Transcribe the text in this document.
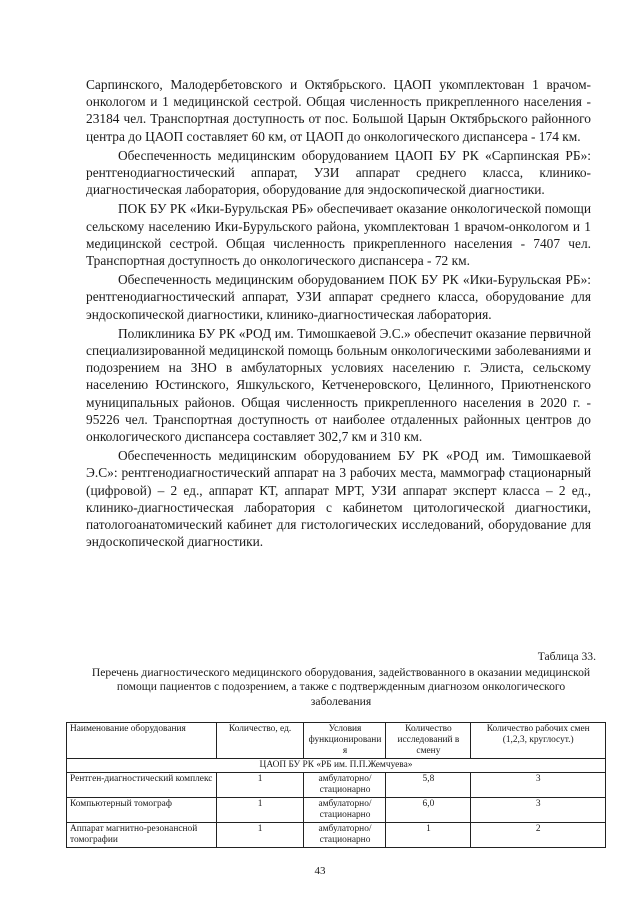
Сарпинского, Малодербетовского и Октябрьского. ЦАОП укомплектован 1 врачом-онкологом и 1 медицинской сестрой. Общая численность прикрепленного населения - 23184 чел. Транспортная доступность от пос. Большой Царын Октябрьского районного центра до ЦАОП составляет 60 км, от ЦАОП до онкологического диспансера - 174 км.

Обеспеченность медицинским оборудованием ЦАОП БУ РК «Сарпинская РБ»: рентгенодиагностический аппарат, УЗИ аппарат среднего класса, клинико-диагностическая лаборатория, оборудование для эндоскопической диагностики.

ПОК БУ РК «Ики-Бурульская РБ» обеспечивает оказание онкологической помощи сельскому населению Ики-Бурульского района, укомплектован 1 врачом-онкологом и 1 медицинской сестрой. Общая численность прикрепленного населения - 7407 чел. Транспортная доступность до онкологического диспансера - 72 км.

Обеспеченность медицинским оборудованием ПОК БУ РК «Ики-Бурульская РБ»: рентгенодиагностический аппарат, УЗИ аппарат среднего класса, оборудование для эндоскопической диагностики, клинико-диагностическая лаборатория.

Поликлиника БУ РК «РОД им. Тимошкаевой Э.С.» обеспечит оказание первичной специализированной медицинской помощь больным онкологическими заболеваниями и подозрением на ЗНО в амбулаторных условиях населению г. Элиста, сельскому населению Юстинского, Яшкульского, Кетченеровского, Целинного, Приютненского муниципальных районов. Общая численность прикрепленного населения в 2020 г. - 95226 чел. Транспортная доступность от наиболее отдаленных районных центров до онкологического диспансера составляет 302,7 км и 310 км.

Обеспеченность медицинским оборудованием БУ РК «РОД им. Тимошкаевой Э.С»: рентгенодиагностический аппарат на 3 рабочих места, маммограф стационарный (цифровой) – 2 ед., аппарат КТ, аппарат МРТ, УЗИ аппарат эксперт класса – 2 ед., клинико-диагностическая лаборатория с кабинетом цитологической диагностики, патологоанатомический кабинет для гистологических исследований, оборудование для эндоскопической диагностики.

Таблица 33.
Перечень диагностического медицинского оборудования, задействованного в оказании медицинской помощи пациентов с подозрением, а также с подтвержденным диагнозом онкологического заболевания
Наименование оборудования	Количество, ед.	Условия функционировани я	Количество исследований в смену	Количество рабочих смен (1,2,3, круглосут.)
ЦАОП БУ РК «РБ им. П.П.Жемчуева»				
Рентген-диагностический комплекс	1	амбулаторно/ стационарно	5,8	3
Компьютерный томограф	1	амбулаторно/ стационарно	6,0	3
Аппарат магнитно-резонансной томографии	1	амбулаторно/ стационарно	1	2
43
